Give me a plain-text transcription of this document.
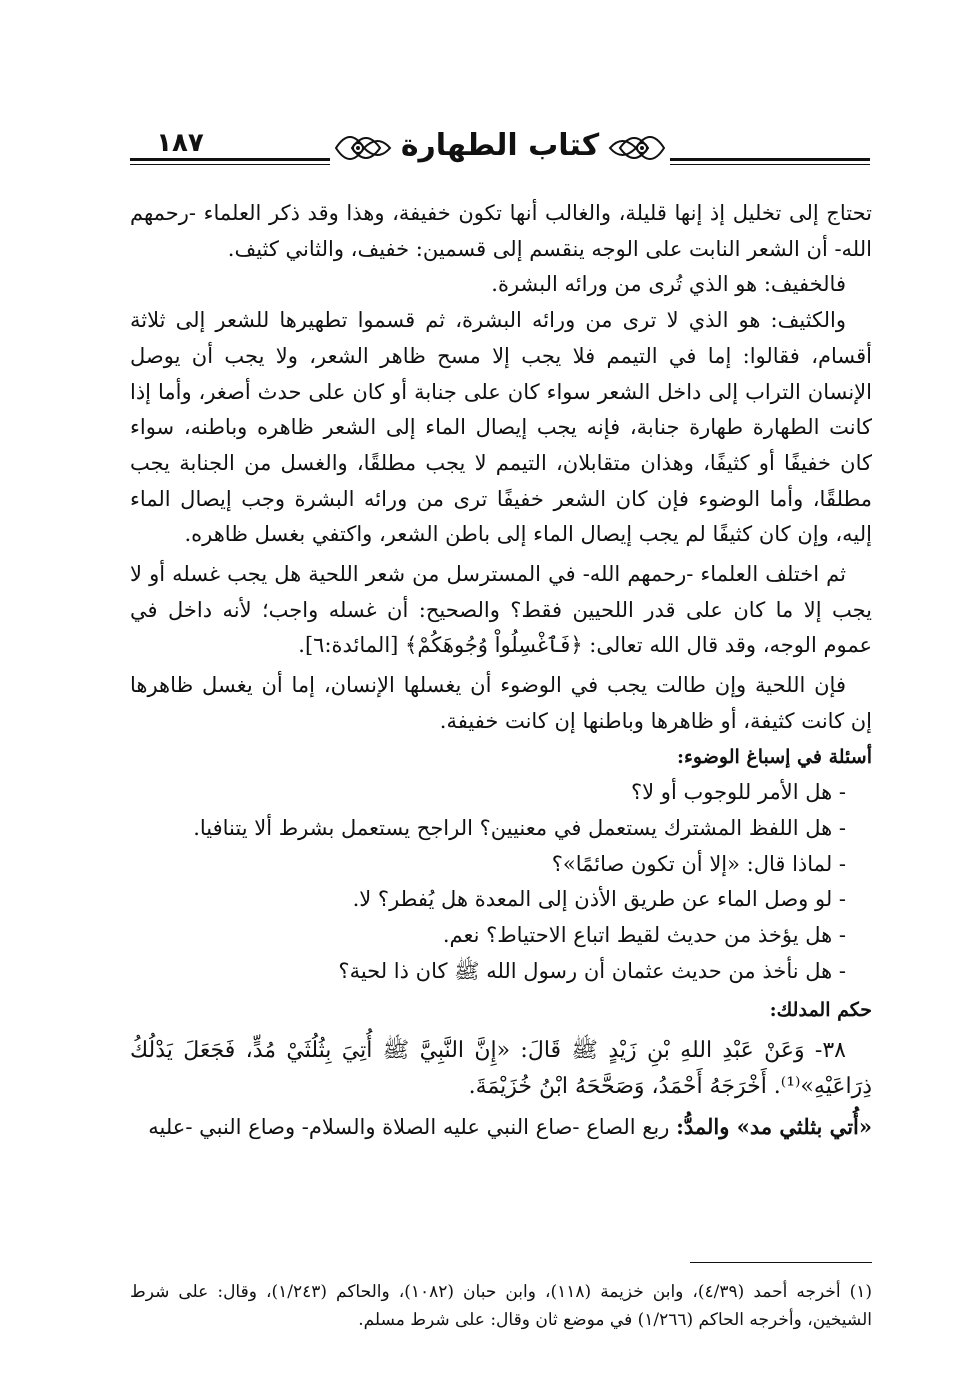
١٨٧	كتاب الطهارة

تحتاج إلى تخليل إذ إنها قليلة، والغالب أنها تكون خفيفة، وهذا وقد ذكر العلماء -رحمهم الله- أن الشعر النابت على الوجه ينقسم إلى قسمين: خفيف، والثاني كثيف.

فالخفيف: هو الذي تُرى من ورائه البشرة.

والكثيف: هو الذي لا ترى من ورائه البشرة، ثم قسموا تطهيرها للشعر إلى ثلاثة أقسام، فقالوا: إما في التيمم فلا يجب إلا مسح ظاهر الشعر، ولا يجب أن يوصل الإنسان التراب إلى داخل الشعر سواء كان على جنابة أو كان على حدث أصغر، وأما إذا كانت الطهارة طهارة جنابة، فإنه يجب إيصال الماء إلى الشعر ظاهره وباطنه، سواء كان خفيفًا أو كثيفًا، وهذان متقابلان، التيمم لا يجب مطلقًا، والغسل من الجنابة يجب مطلقًا، وأما الوضوء فإن كان الشعر خفيفًا ترى من ورائه البشرة وجب إيصال الماء إليه، وإن كان كثيفًا لم يجب إيصال الماء إلى باطن الشعر، واكتفي بغسل ظاهره.

ثم اختلف العلماء -رحمهم الله- في المسترسل من شعر اللحية هل يجب غسله أو لا يجب إلا ما كان على قدر اللحيين فقط؟ والصحيح: أن غسله واجب؛ لأنه داخل في عموم الوجه، وقد قال الله تعالى: ﴿فَٱغْسِلُواْ وُجُوهَكُمْ﴾ [المائدة:٦].

فإن اللحية وإن طالت يجب في الوضوء أن يغسلها الإنسان، إما أن يغسل ظاهرها إن كانت كثيفة، أو ظاهرها وباطنها إن كانت خفيفة.

أسئلة في إسباغ الوضوء:

- هل الأمر للوجوب أو لا؟

- هل اللفظ المشترك يستعمل في معنيين؟ الراجح يستعمل بشرط ألا يتنافيا.

- لماذا قال: «إلا أن تكون صائمًا»؟

- لو وصل الماء عن طريق الأذن إلى المعدة هل يُفطر؟ لا.

- هل يؤخذ من حديث لقيط اتباع الاحتياط؟ نعم.

- هل نأخذ من حديث عثمان أن رسول الله ﷺ كان ذا لحية؟

حكم المدلك:

٣٨- وَعَنْ عَبْدِ اللهِ بْنِ زَيْدٍ ﷺ قَالَ: «إِنَّ النَّبِيَّ ﷺ أُتِيَ بِثُلُثَيْ مُدٍّ، فَجَعَلَ يَدْلُكُ ذِرَاعَيْهِ»⁽¹⁾. أَخْرَجَهُ أَحْمَدُ، وَصَحَّحَهُ ابْنُ خُزَيْمَةَ.

«أُتي بثلثي مد» والمدُّ: ربع الصاع -صاع النبي عليه الصلاة والسلام- وصاع النبي -عليه

(١) أخرجه أحمد (٤/٣٩)، وابن خزيمة (١١٨)، وابن حبان (١٠٨٢)، والحاكم (١/٢٤٣)، وقال: على شرط الشيخين، وأخرجه الحاكم (١/٢٦٦) في موضع ثان وقال: على شرط مسلم.
